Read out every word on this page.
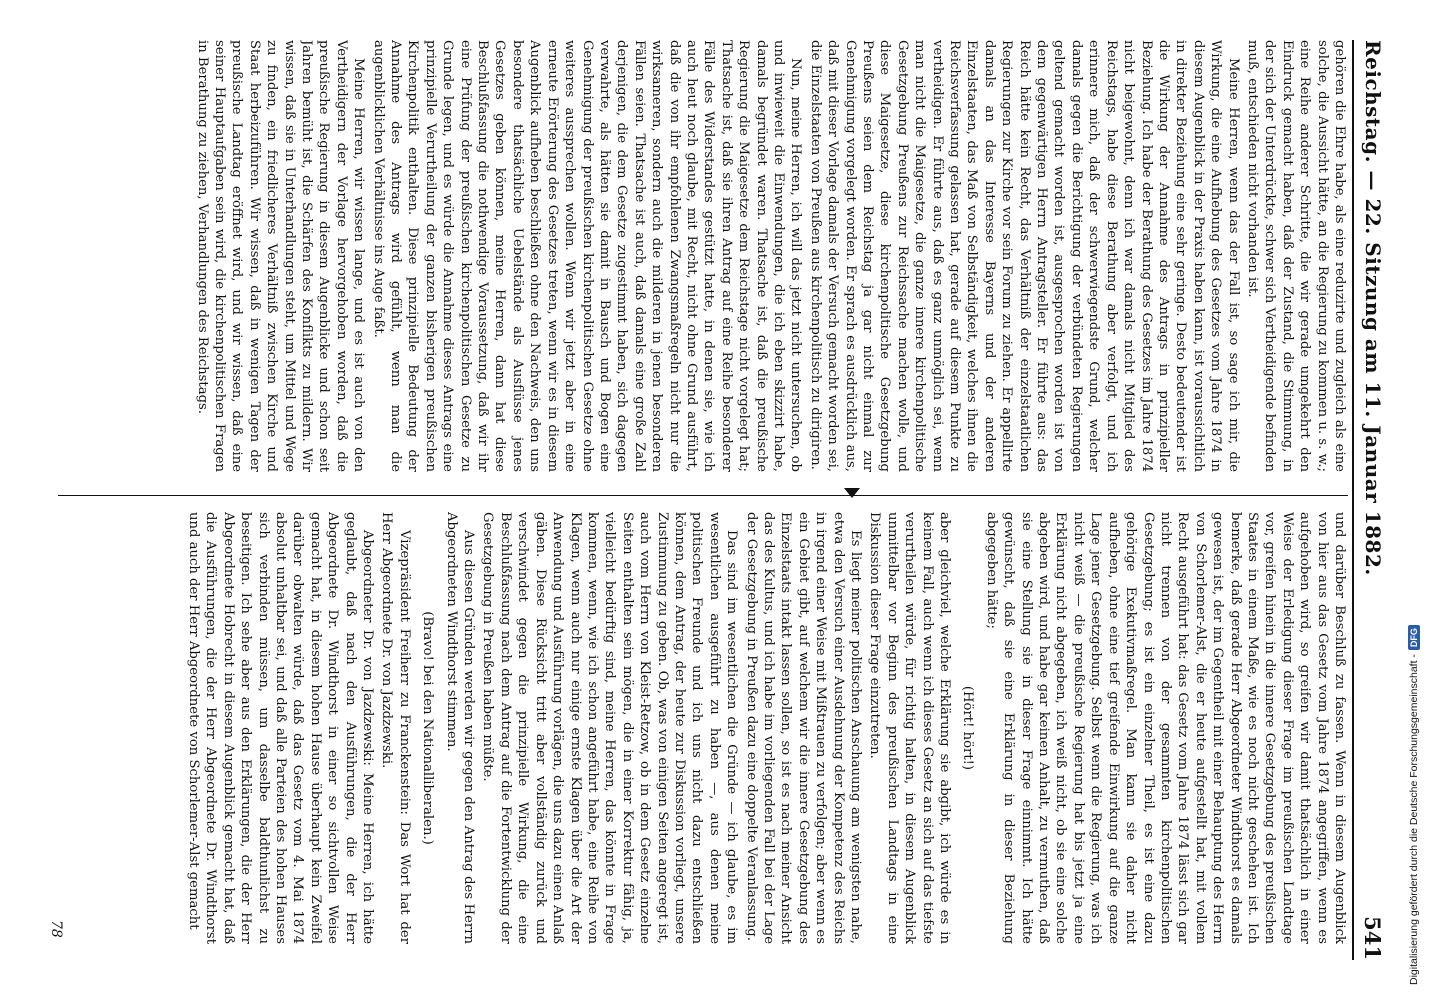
Reichstag. — 22. Sitzung am 11. Januar 1882.
541

gehören die Ehre habe, als eine reduzirte und zugleich als eine solche, die Aussicht hätte, an die Regierung zu kommen u. s. w.; eine Reihe anderer Schritte, die wir gerade umgekehrt den Eindruck gemacht haben, daß der Zustand, die Stimmung, in der sich der Unterdrückte, schwer sich Vertheidigende befinden muß, entschieden nicht vorhanden ist.

Meine Herren, wenn das der Fall ist, so sage ich mir, die Wirkung, die eine Aufhebung des Gesetzes vom Jahre 1874 in diesem Augenblick in der Praxis haben kann, ist voraussichtlich in direkter Beziehung eine sehr geringe. Desto bedeutender ist die Wirkung der Annahme des Antrags in prinzipieller Beziehung. Ich habe der Berathung des Gesetzes im Jahre 1874 nicht beigewohnt, denn ich war damals nicht Mitglied des Reichstags, habe diese Berathung aber verfolgt, und ich erinnere mich, daß der schwerwiegendste Grund, welcher damals gegen die Berichtigung der verbündeten Regierungen geltend gemacht worden ist, ausgesprochen worden ist von dem gegenwärtigen Herrn Antragsteller. Er führte aus: das Reich hätte kein Recht, das Verhältniß der einzelstaatlichen Regierungen zur Kirche vor sein Forum zu ziehen. Er appellirte damals an das Interesse Bayerns und der anderen Einzelstaaten, das Maß von Selbständigkeit, welches ihnen die Reichsverfassung gelassen hat, gerade auf diesem Punkte zu vertheidigen. Er führte aus, daß es ganz unmöglich sei, wenn man nicht die Maigesetze, die ganze innere kirchenpolitische Gesetzgebung Preußens zur Reichssache machen wolle, und diese Maigesetze, diese kirchenpolitische Gesetzgebung Preußens seien dem Reichstag ja gar nicht einmal zur Genehmigung vorgelegt worden. Er sprach es ausdrücklich aus, daß mit dieser Vorlage damals der Versuch gemacht worden sei, die Einzelstaaten von Preußen aus kirchenpolitisch zu dirigiren.

Nun, meine Herren, ich will das jetzt nicht untersuchen, ob und inwieweit die Einwendungen, die ich eben skizzirt habe, damals begründet waren. Thatsache ist, daß die preußische Regierung die Maigesetze dem Reichstage nicht vorgelegt hat; Thatsache ist, daß sie ihren Antrag auf eine Reihe besonderer Fälle des Widerstandes gestützt hatte, in denen sie, wie ich auch heut noch glaube, mit Recht, nicht ohne Grund ausführt, daß die von ihr empfohlenen Zwangsmaßregeln nicht nur die wirksameren, sondern auch die milderen in jenen besonderen Fällen seien. Thatsache ist auch, daß damals eine große Zahl derjenigen, die dem Gesetze zugestimmt haben, sich dagegen verwahrte, als hätten sie damit in Bausch und Bogen eine Genehmigung der preußischen kirchenpolitischen Gesetze ohne weiteres aussprechen wollen. Wenn wir jetzt aber in eine erneute Erörterung des Gesetzes treten, wenn wir es in diesem Augenblick aufheben beschließen ohne den Nachweis, den uns besondere thatsächliche Uebelstände als Ausflüsse jenes Gesetzes geben können, meine Herren, dann hat diese Beschlußfassung die nothwendige Voraussetzung, daß wir ihr eine Prüfung der preußischen kirchenpolitischen Gesetze zu Grunde legen, und es würde die Annahme dieses Antrags eine prinzipielle Verurtheilung der ganzen bisherigen preußischen Kirchenpolitik enthalten. Diese prinzipielle Bedeutung der Annahme des Antrags wird gefühlt, wenn man die augenblicklichen Verhältnisse ins Auge faßt.

Meine Herren, wir wissen lange, und es ist auch von den Vertheidigern der Vorlage hervorgehoben worden, daß die preußische Regierung in diesem Augenblicke und schon seit Jahren bemüht ist, die Schärfen des Konflikts zu mildern. Wir wissen, daß sie in Unterhandlungen steht, um Mittel und Wege zu finden, ein friedlicheres Verhältniß zwischen Kirche und Staat herbeizuführen. Wir wissen, daß in wenigen Tagen der preußische Landtag eröffnet wird, und wir wissen, daß eine seiner Hauptaufgaben sein wird, die kirchenpolitischen Fragen in Berathung zu ziehen, Verhandlungen des Reichstags.

und darüber Beschluß zu fassen. Wenn in diesem Augenblick von hier aus das Gesetz vom Jahre 1874 angegriffen, wenn es aufgehoben wird, so greifen wir damit thatsächlich in einer Weise der Erledigung dieser Frage im preußischen Landtage vor, greifen hinein in die innere Gesetzgebung des preußischen Staates in einem Maße, wie es noch nicht geschehen ist. Ich bemerke, daß gerade Herr Abgeordneter Windthorst es damals gewesen ist, der im Gegentheil mit einer Behauptung des Herrn von Schorlemer-Alst, die er heute aufgestellt hat, mit vollem Recht ausgeführt hat: das Gesetz vom Jahre 1874 lässt sich gar nicht trennen von der gesammten kirchenpolitischen Gesetzgebung; es ist ein einzelner Theil, es ist eine dazu gehörige Exekutivmaßregel. Man kann sie daher nicht aufheben, ohne eine tief greifende Einwirkung auf die ganze Lage jener Gesetzgebung. Selbst wenn die Regierung, was ich nicht weiß — die preußische Regierung hat bis jetzt ja eine Erklärung nicht abgegeben, ich weiß nicht, ob sie eine solche abgeben wird, und habe gar keinen Anhalt, zu vermuthen, daß sie eine Stellung sie in dieser Frage einnimmt. Ich hätte gewünscht, daß sie eine Erklärung in dieser Beziehung abgegeben hätte;

(Hört! hört!)

aber gleichviel, welche Erklärung sie abgibt, ich würde es in keinem Fall, auch wenn ich dieses Gesetz an sich auf das tiefste verurtheilen würde, für richtig halten, in diesem Augenblick unmittelbar vor Beginn des preußischen Landtags in eine Diskussion dieser Frage einzutreten.

Es liegt meiner politischen Anschauung am wenigsten nahe, etwa den Versuch einer Ausdehnung der Kompetenz des Reichs in irgend einer Weise mit Mißtrauen zu verfolgen; aber wenn es ein Gebiet gibt, auf welchem wir die innere Gesetzgebung des Einzelstaats intakt lassen sollen, so ist es nach meiner Ansicht das des Kultus, und ich habe im vorliegenden Fall bei der Lage der Gesetzgebung in Preußen dazu eine doppelte Veranlassung.

Das sind im wesentlichen die Gründe — ich glaube, es im wesentlichen ausgeführt zu haben —, aus denen meine politischen Freunde und ich uns nicht dazu entschließen können, dem Antrag, der heute zur Diskussion vorliegt, unsere Zustimmung zu geben. Ob, was von einigen Seiten angeregt ist, auch vom Herrn von Kleist-Retzow, ob in dem Gesetz einzelne Seiten enthalten sein mögen, die in einer Korrektur fähig, ja, vielleicht bedürftig sind, meine Herren, das könnte in Frage kommen, wenn, wie ich schon angeführt habe, eine Reihe von Klagen, wenn auch nur einige ernste Klagen über die Art der Anwendung und Ausführung vorlägen, die uns dazu einen Anlaß gäben. Diese Rücksicht tritt aber vollständig zurück und verschwindet gegen die prinzipielle Wirkung, die eine Beschlußfassung nach dem Antrag auf die Fortentwicklung der Gesetzgebung in Preußen haben müßte.

Aus diesen Gründen werden wir gegen den Antrag des Herrn Abgeordneten Windthorst stimmen.

(Bravo! bei den Nationalliberalen.)

Vizepräsident Freiherr zu Franckenstein: Das Wort hat der Herr Abgeordnete Dr. von Jazdzewski.

Abgeordneter Dr. von Jazdzewski: Meine Herren, ich hätte geglaubt, daß nach den Ausführungen, die der Herr Abgeordnete Dr. Windthorst in einer so sichtvollen Weise gemacht hat, in diesem hohen Hause überhaupt kein Zweifel darüber obwalten würde, daß das Gesetz vom 4. Mai 1874 absolut unhaltbar sei, und daß alle Parteien des hohen Hauses sich verbinden müssen, um dasselbe baldthunlichst zu beseitigen. Ich sehe aber aus den Erklärungen, die der Herr Abgeordnete Hobrecht in diesem Augenblick gemacht hat, daß die Ausführungen, die der Herr Abgeordnete Dr. Windthorst und auch der Herr Abgeordnete von Schorlemer-Alst gemacht

78	Digitalisierung gefördert durch die Deutsche Forschungsgemeinschaft -
DFG
